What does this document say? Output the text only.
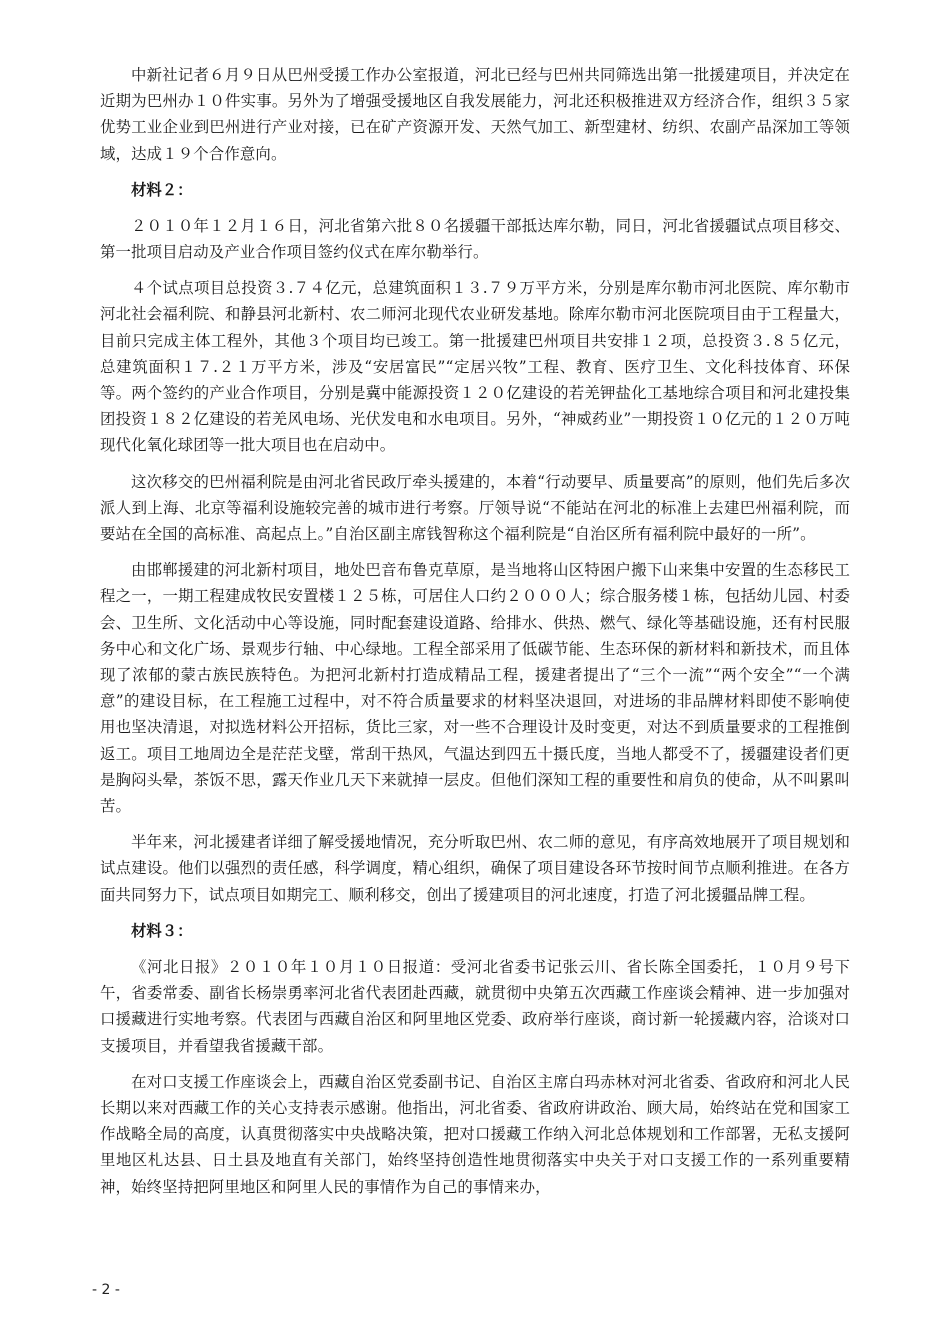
中新社记者６月９日从巴州受援工作办公室报道，河北已经与巴州共同筛选出第一批援建项目，并决定在近期为巴州办１０件实事。另外为了增强受援地区自我发展能力，河北还积极推进双方经济合作，组织３５家优势工业企业到巴州进行产业对接，已在矿产资源开发、天然气加工、新型建材、纺织、农副产品深加工等领域，达成１９个合作意向。

材料２：

２０１０年１２月１６日，河北省第六批８０名援疆干部抵达库尔勒，同日，河北省援疆试点项目移交、第一批项目启动及产业合作项目签约仪式在库尔勒举行。

４个试点项目总投资３.７４亿元，总建筑面积１３.７９万平方米，分别是库尔勒市河北医院、库尔勒市河北社会福利院、和静县河北新村、农二师河北现代农业研发基地。除库尔勒市河北医院项目由于工程量大，目前只完成主体工程外，其他３个项目均已竣工。第一批援建巴州项目共安排１２项，总投资３.８５亿元，总建筑面积１７.２１万平方米，涉及“安居富民”“定居兴牧”工程、教育、医疗卫生、文化科技体育、环保等。两个签约的产业合作项目，分别是冀中能源投资１２０亿建设的若羌钾盐化工基地综合项目和河北建投集团投资１８２亿建设的若羌风电场、光伏发电和水电项目。另外，“神威药业”一期投资１０亿元的１２０万吨现代化氧化球团等一批大项目也在启动中。

这次移交的巴州福利院是由河北省民政厅牵头援建的，本着“行动要早、质量要高”的原则，他们先后多次派人到上海、北京等福利设施较完善的城市进行考察。厅领导说“不能站在河北的标准上去建巴州福利院，而要站在全国的高标准、高起点上。”自治区副主席钱智称这个福利院是“自治区所有福利院中最好的一所”。

由邯郸援建的河北新村项目，地处巴音布鲁克草原，是当地将山区特困户搬下山来集中安置的生态移民工程之一，一期工程建成牧民安置楼１２５栋，可居住人口约２０００人；综合服务楼１栋，包括幼儿园、村委会、卫生所、文化活动中心等设施，同时配套建设道路、给排水、供热、燃气、绿化等基础设施，还有村民服务中心和文化广场、景观步行轴、中心绿地。工程全部采用了低碳节能、生态环保的新材料和新技术，而且体现了浓郁的蒙古族民族特色。为把河北新村打造成精品工程，援建者提出了“三个一流”“两个安全”“一个满意”的建设目标，在工程施工过程中，对不符合质量要求的材料坚决退回，对进场的非品牌材料即使不影响使用也坚决清退，对拟选材料公开招标，货比三家，对一些不合理设计及时变更，对达不到质量要求的工程推倒返工。项目工地周边全是茫茫戈壁，常刮干热风，气温达到四五十摄氏度，当地人都受不了，援疆建设者们更是胸闷头晕，茶饭不思，露天作业几天下来就掉一层皮。但他们深知工程的重要性和肩负的使命，从不叫累叫苦。

半年来，河北援建者详细了解受援地情况，充分听取巴州、农二师的意见，有序高效地展开了项目规划和试点建设。他们以强烈的责任感，科学调度，精心组织，确保了项目建设各环节按时间节点顺利推进。在各方面共同努力下，试点项目如期完工、顺利移交，创出了援建项目的河北速度，打造了河北援疆品牌工程。

材料３：

《河北日报》２０１０年１０月１０日报道：受河北省委书记张云川、省长陈全国委托，１０月９号下午，省委常委、副省长杨崇勇率河北省代表团赴西藏，就贯彻中央第五次西藏工作座谈会精神、进一步加强对口援藏进行实地考察。代表团与西藏自治区和阿里地区党委、政府举行座谈，商讨新一轮援藏内容，洽谈对口支援项目，并看望我省援藏干部。

在对口支援工作座谈会上，西藏自治区党委副书记、自治区主席白玛赤林对河北省委、省政府和河北人民长期以来对西藏工作的关心支持表示感谢。他指出，河北省委、省政府讲政治、顾大局，始终站在党和国家工作战略全局的高度，认真贯彻落实中央战略决策，把对口援藏工作纳入河北总体规划和工作部署，无私支援阿里地区札达县、日土县及地直有关部门，始终坚持创造性地贯彻落实中央关于对口支援工作的一系列重要精神，始终坚持把阿里地区和阿里人民的事情作为自己的事情来办，

- 2 -
